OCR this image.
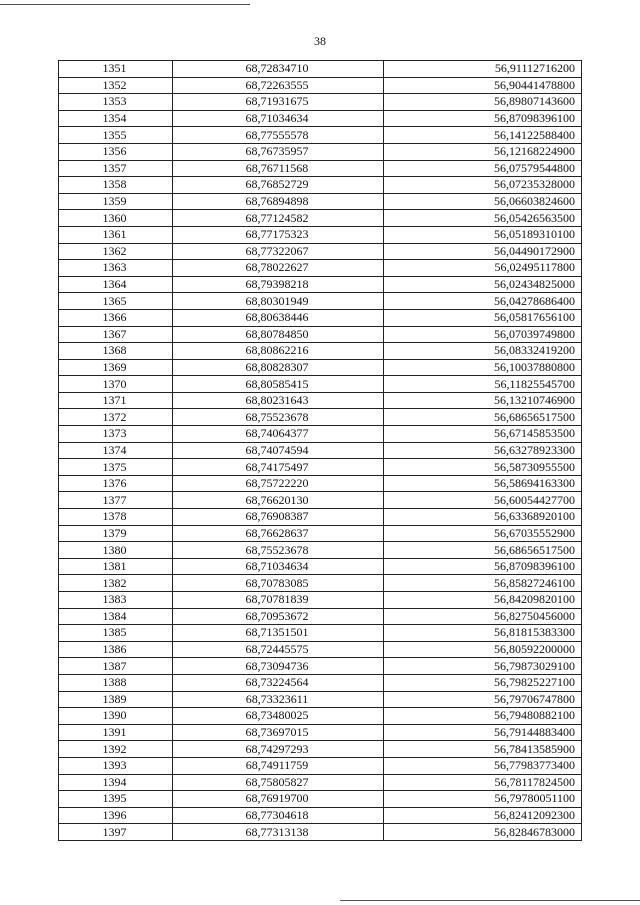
38
1351	68,72834710	56,91112716200
1352	68,72263555	56,90441478800
1353	68,71931675	56,89807143600
1354	68,71034634	56,87098396100
1355	68,77555578	56,14122588400
1356	68,76735957	56,12168224900
1357	68,76711568	56,07579544800
1358	68,76852729	56,07235328000
1359	68,76894898	56,06603824600
1360	68,77124582	56,05426563500
1361	68,77175323	56,05189310100
1362	68,77322067	56,04490172900
1363	68,78022627	56,02495117800
1364	68,79398218	56,02434825000
1365	68,80301949	56,04278686400
1366	68,80638446	56,05817656100
1367	68,80784850	56,07039749800
1368	68,80862216	56,08332419200
1369	68,80828307	56,10037880800
1370	68,80585415	56,11825545700
1371	68,80231643	56,13210746900
1372	68,75523678	56,68656517500
1373	68,74064377	56,67145853500
1374	68,74074594	56,63278923300
1375	68,74175497	56,58730955500
1376	68,75722220	56,58694163300
1377	68,76620130	56,60054427700
1378	68,76908387	56,63368920100
1379	68,76628637	56,67035552900
1380	68,75523678	56,68656517500
1381	68,71034634	56,87098396100
1382	68,70783085	56,85827246100
1383	68,70781839	56,84209820100
1384	68,70953672	56,82750456000
1385	68,71351501	56,81815383300
1386	68,72445575	56,80592200000
1387	68,73094736	56,79873029100
1388	68,73224564	56,79825227100
1389	68,73323611	56,79706747800
1390	68,73480025	56,79480882100
1391	68,73697015	56,79144883400
1392	68,74297293	56,78413585900
1393	68,74911759	56,77983773400
1394	68,75805827	56,78117824500
1395	68,76919700	56,79780051100
1396	68,77304618	56,82412092300
1397	68,77313138	56,82846783000
